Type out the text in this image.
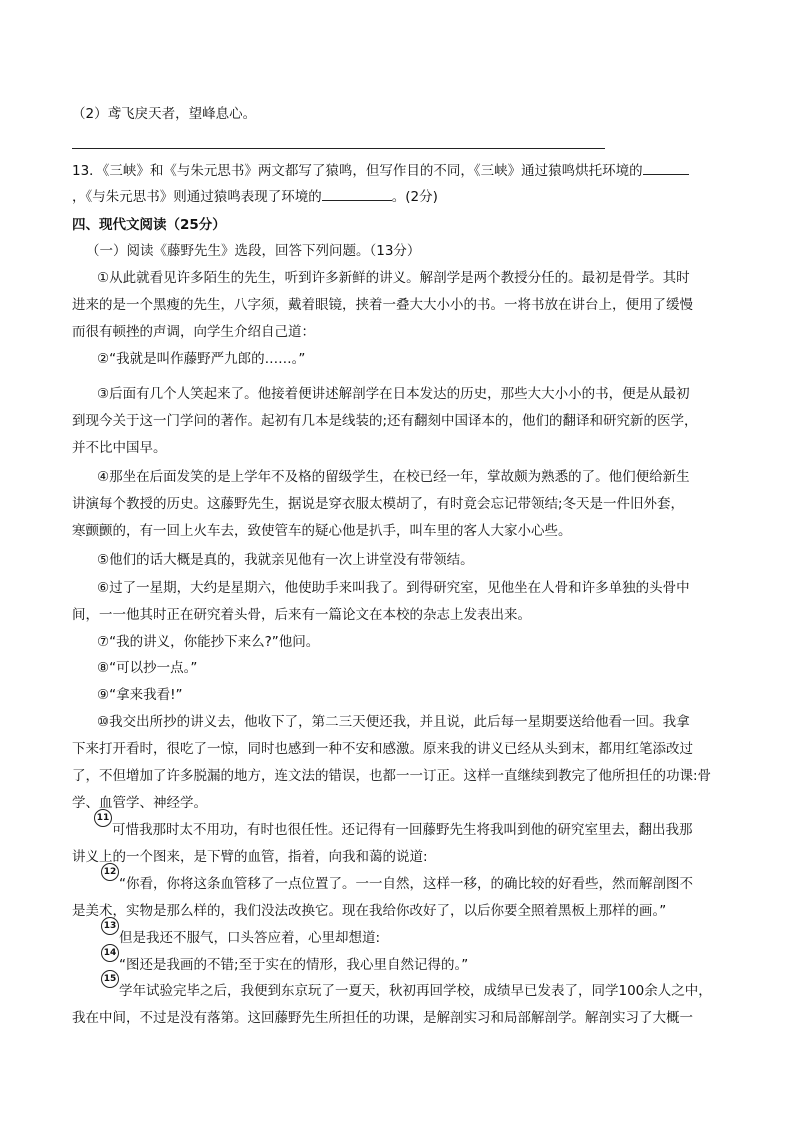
（2）鸢飞戾天者，望峰息心。
13．《三峡》和《与朱元思书》两文都写了猿鸣，但写作目的不同，《三峡》通过猿鸣烘托环境的
，《与朱元思书》则通过猿鸣表现了环境的	。(2分)
四、现代文阅读（25分）
（一）阅读《藤野先生》选段，回答下列问题。（13分）
①从此就看见许多陌生的先生，听到许多新鲜的讲义。解剖学是两个教授分任的。最初是骨学。其时
进来的是一个黑瘦的先生，八字须，戴着眼镜，挟着一叠大大小小的书。一将书放在讲台上，便用了缓慢
而很有顿挫的声调，向学生介绍自己道：
②“我就是叫作藤野严九郎的……。”
③后面有几个人笑起来了。他接着便讲述解剖学在日本发达的历史，那些大大小小的书，便是从最初
到现今关于这一门学问的著作。起初有几本是线装的;还有翻刻中国译本的，他们的翻译和研究新的医学，
并不比中国早。
④那坐在后面发笑的是上学年不及格的留级学生，在校已经一年，掌故颇为熟悉的了。他们便给新生
讲演每个教授的历史。这藤野先生，据说是穿衣服太模胡了，有时竟会忘记带领结;冬天是一件旧外套，
寒颤颤的，有一回上火车去，致使管车的疑心他是扒手，叫车里的客人大家小心些。
⑤他们的话大概是真的，我就亲见他有一次上讲堂没有带领结。
⑥过了一星期，大约是星期六，他使助手来叫我了。到得研究室，见他坐在人骨和许多单独的头骨中
间，一一他其时正在研究着头骨，后来有一篇论文在本校的杂志上发表出来。
⑦“我的讲义，你能抄下来么?”他问。
⑧“可以抄一点。”
⑨“拿来我看!”
⑩我交出所抄的讲义去，他收下了，第二三天便还我，并且说，此后每一星期要送给他看一回。我拿
下来打开看时，很吃了一惊，同时也感到一种不安和感激。原来我的讲义已经从头到末，都用红笔添改过
了，不但增加了许多脱漏的地方，连文法的错误，也都一一订正。这样一直继续到教完了他所担任的功课:骨
学、血管学、神经学。
11
可惜我那时太不用功，有时也很任性。还记得有一回藤野先生将我叫到他的研究室里去，翻出我那
讲义上的一个图来，是下臂的血管，指着，向我和蔼的说道:
12
“你看，你将这条血管移了一点位置了。一一自然，这样一移，的确比较的好看些，然而解剖图不
是美术，实物是那么样的，我们没法改换它。现在我给你改好了，以后你要全照着黑板上那样的画。”
13
但是我还不服气，口头答应着，心里却想道:
14
“图还是我画的不错;至于实在的情形，我心里自然记得的。”
15
学年试验完毕之后，我便到东京玩了一夏天，秋初再回学校，成绩早已发表了，同学100余人之中，
我在中间，不过是没有落第。这回藤野先生所担任的功课，是解剖实习和局部解剖学。解剖实习了大概一
